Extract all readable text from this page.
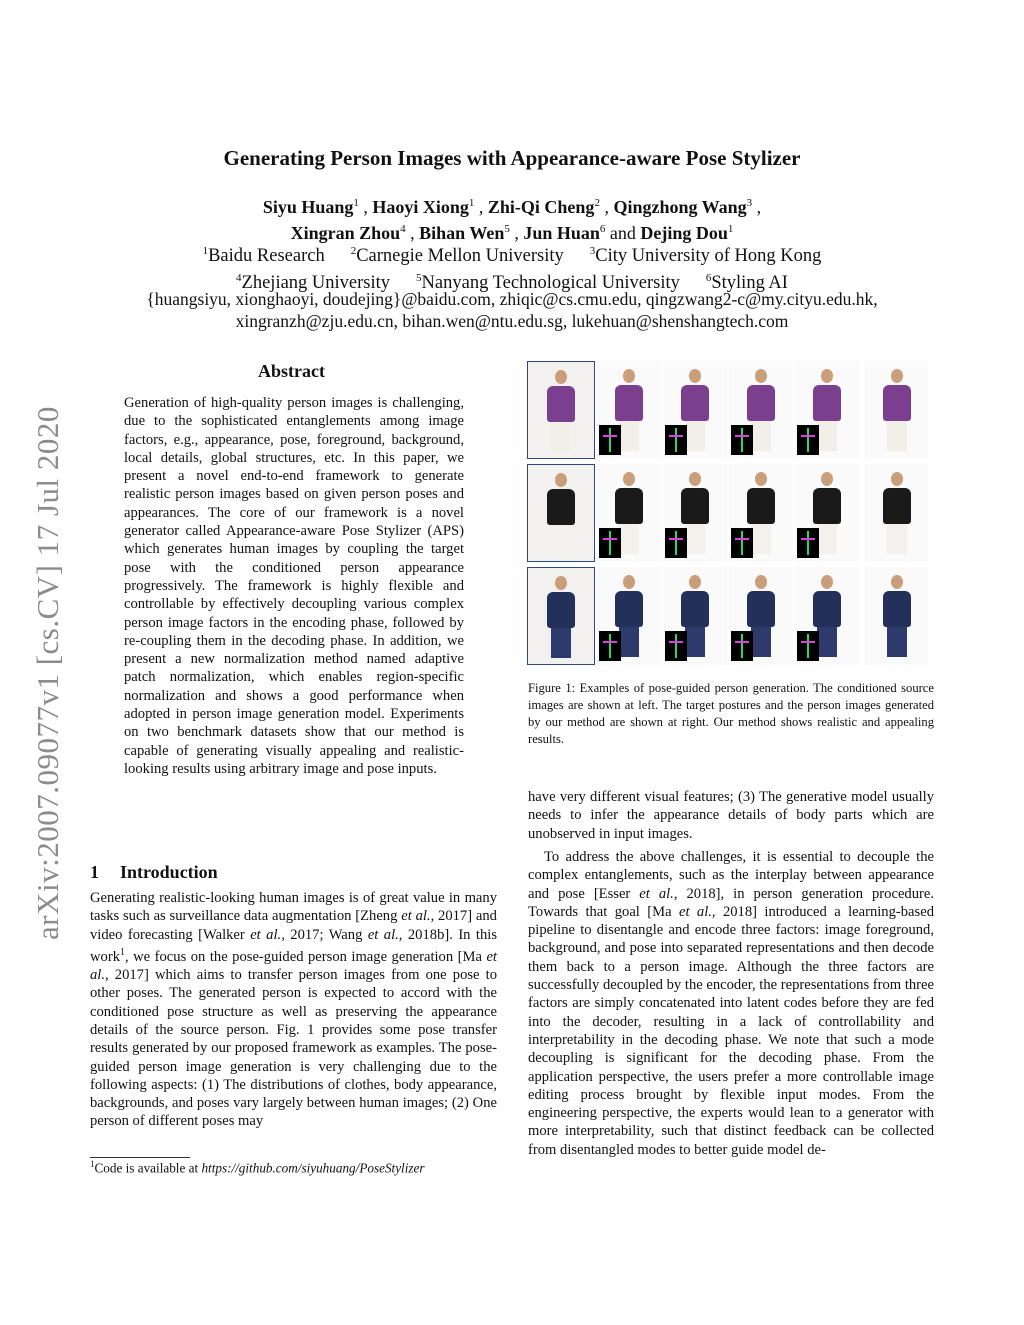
Generating Person Images with Appearance-aware Pose Stylizer
Siyu Huang$^1$ , Haoyi Xiong$^1$ , Zhi-Qi Cheng$^2$ , Qingzhong Wang$^3$ ,
Xingran Zhou$^4$ , Bihan Wen$^5$ , Jun Huan$^6$ and Dejing Dou$^1$
$^1$Baidu Research $^2$Carnegie Mellon University $^3$City University of Hong Kong
$^4$Zhejiang University $^5$Nanyang Technological University $^6$Styling AI
{huangsiyu, xionghaoyi, doudejing}@baidu.com, zhiqic@cs.cmu.edu, qingzwang2-c@my.cityu.edu.hk,
xingranzh@zju.edu.cn, bihan.wen@ntu.edu.sg, lukehuan@shenshangtech.com
arXiv:2007.09077v1 [cs.CV] 17 Jul 2020
Abstract
Generation of high-quality person images is challenging, due to the sophisticated entanglements among image factors, e.g., appearance, pose, foreground, background, local details, global structures, etc. In this paper, we present a novel end-to-end framework to generate realistic person images based on given person poses and appearances. The core of our framework is a novel generator called Appearance-aware Pose Stylizer (APS) which generates human images by coupling the target pose with the conditioned person appearance progressively. The framework is highly flexible and controllable by effectively decoupling various complex person image factors in the encoding phase, followed by re-coupling them in the decoding phase. In addition, we present a new normalization method named adaptive patch normalization, which enables region-specific normalization and shows a good performance when adopted in person image generation model. Experiments on two benchmark datasets show that our method is capable of generating visually appealing and realistic-looking results using arbitrary image and pose inputs.
1 Introduction
Generating realistic-looking human images is of great value in many tasks such as surveillance data augmentation [Zheng et al., 2017] and video forecasting [Walker et al., 2017; Wang et al., 2018b]. In this work$^1$, we focus on the pose-guided person image generation [Ma et al., 2017] which aims to transfer person images from one pose to other poses. The generated person is expected to accord with the conditioned pose structure as well as preserving the appearance details of the source person. Fig. 1 provides some pose transfer results generated by our proposed framework as examples. The pose-guided person image generation is very challenging due to the following aspects: (1) The distributions of clothes, body appearance, backgrounds, and poses vary largely between human images; (2) One person of different poses may
$^1$Code is available at https://github.com/siyuhuang/PoseStylizer
Figure 1: Examples of pose-guided person generation. The conditioned source images are shown at left. The target postures and the person images generated by our method are shown at right. Our method shows realistic and appealing results.
have very different visual features; (3) The generative model usually needs to infer the appearance details of body parts which are unobserved in input images.
To address the above challenges, it is essential to decouple the complex entanglements, such as the interplay between appearance and pose [Esser et al., 2018], in person generation procedure. Towards that goal [Ma et al., 2018] introduced a learning-based pipeline to disentangle and encode three factors: image foreground, background, and pose into separated representations and then decode them back to a person image. Although the three factors are successfully decoupled by the encoder, the representations from three factors are simply concatenated into latent codes before they are fed into the decoder, resulting in a lack of controllability and interpretability in the decoding phase. We note that such a mode decoupling is significant for the decoding phase. From the application perspective, the users prefer a more controllable image editing process brought by flexible input modes. From the engineering perspective, the experts would lean to a generator with more interpretability, such that distinct feedback can be collected from disentangled modes to better guide model de-
